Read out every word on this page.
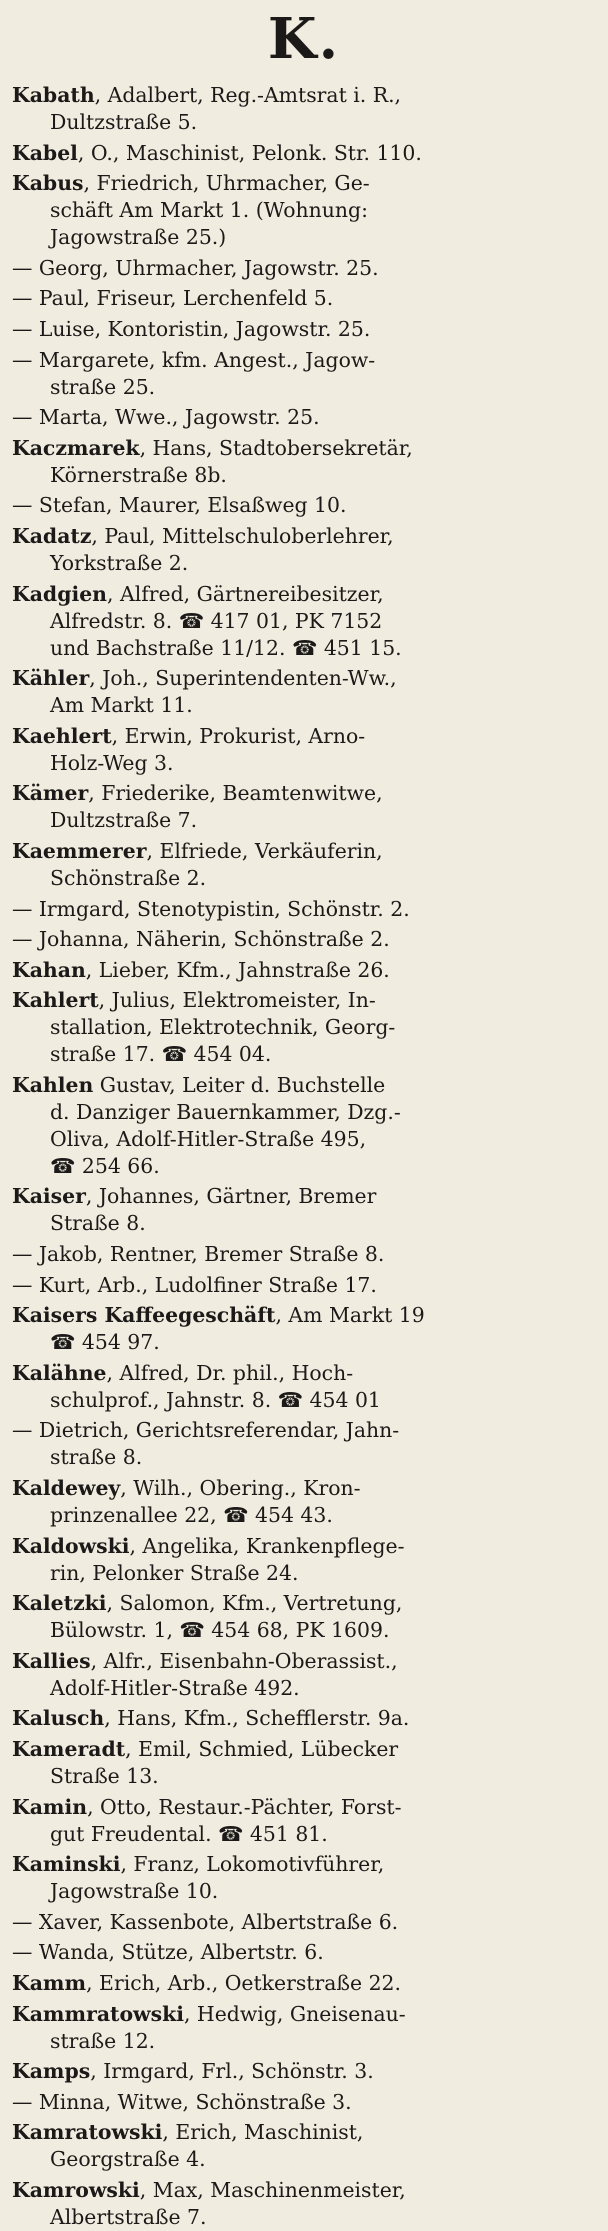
K.
Kabath, Adalbert, Reg.-Amtsrat i. R.,
Dultzstraße 5.
Kabel, O., Maschinist, Pelonk. Str. 110.
Kabus, Friedrich, Uhrmacher, Ge-
schäft Am Markt 1. (Wohnung:
Jagowstraße 25.)
— Georg, Uhrmacher, Jagowstr. 25.
— Paul, Friseur, Lerchenfeld 5.
— Luise, Kontoristin, Jagowstr. 25.
— Margarete, kfm. Angest., Jagow-
straße 25.
— Marta, Wwe., Jagowstr. 25.
Kaczmarek, Hans, Stadtobersekretär,
Körnerstraße 8b.
— Stefan, Maurer, Elsaßweg 10.
Kadatz, Paul, Mittelschuloberlehrer,
Yorkstraße 2.
Kadgien, Alfred, Gärtnereibesitzer,
Alfredstr. 8. ☎ 417 01, PK 7152
und Bachstraße 11/12. ☎ 451 15.
Kähler, Joh., Superintendenten-Ww.,
Am Markt 11.
Kaehlert, Erwin, Prokurist, Arno-
Holz-Weg 3.
Kämer, Friederike, Beamtenwitwe,
Dultzstraße 7.
Kaemmerer, Elfriede, Verkäuferin,
Schönstraße 2.
— Irmgard, Stenotypistin, Schönstr. 2.
— Johanna, Näherin, Schönstraße 2.
Kahan, Lieber, Kfm., Jahnstraße 26.
Kahlert, Julius, Elektromeister, In-
stallation, Elektrotechnik, Georg-
straße 17. ☎ 454 04.
Kahlen Gustav, Leiter d. Buchstelle
d. Danziger Bauernkammer, Dzg.-
Oliva, Adolf-Hitler-Straße 495,
☎ 254 66.
Kaiser, Johannes, Gärtner, Bremer
Straße 8.
— Jakob, Rentner, Bremer Straße 8.
— Kurt, Arb., Ludolfiner Straße 17.
Kaisers Kaffeegeschäft, Am Markt 19
☎ 454 97.
Kalähne, Alfred, Dr. phil., Hoch-
schulprof., Jahnstr. 8. ☎ 454 01
— Dietrich, Gerichtsreferendar, Jahn-
straße 8.
Kaldewey, Wilh., Obering., Kron-
prinzenallee 22, ☎ 454 43.
Kaldowski, Angelika, Krankenpflege-
rin, Pelonker Straße 24.
Kaletzki, Salomon, Kfm., Vertretung,
Bülowstr. 1, ☎ 454 68, PK 1609.
Kallies, Alfr., Eisenbahn-Oberassist.,
Adolf-Hitler-Straße 492.
Kalusch, Hans, Kfm., Schefflerstr. 9a.
Kameradt, Emil, Schmied, Lübecker
Straße 13.
Kamin, Otto, Restaur.-Pächter, Forst-
gut Freudental. ☎ 451 81.
Kaminski, Franz, Lokomotivführer,
Jagowstraße 10.
— Xaver, Kassenbote, Albertstraße 6.
— Wanda, Stütze, Albertstr. 6.
Kamm, Erich, Arb., Oetkerstraße 22.
Kammratowski, Hedwig, Gneisenau-
straße 12.
Kamps, Irmgard, Frl., Schönstr. 3.
— Minna, Witwe, Schönstraße 3.
Kamratowski, Erich, Maschinist,
Georgstraße 4.
Kamrowski, Max, Maschinenmeister,
Albertstraße 7.
